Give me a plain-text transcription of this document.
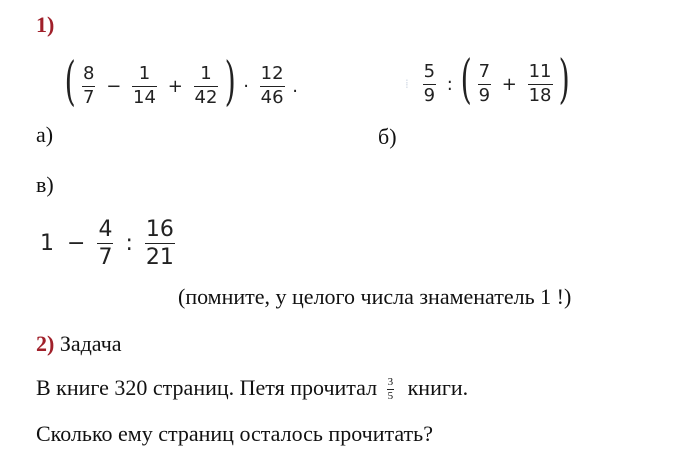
1)
( $\frac{8}{7} - \frac{1}{14} + \frac{1}{42}$ ) · $\frac{12}{46}$ .
а)
⁞ $\frac{5}{9}$ : ( $\frac{7}{9} + \frac{11}{18}$ )
б)
в)
$1 - \frac{4}{7}$ : $\frac{16}{21}$
(помните, у целого числа знаменатель 1 !)
2) Задача
В книге 320 страниц. Петя прочитал $\frac{3}{5}$ книги.
Сколько ему страниц осталось прочитать?
